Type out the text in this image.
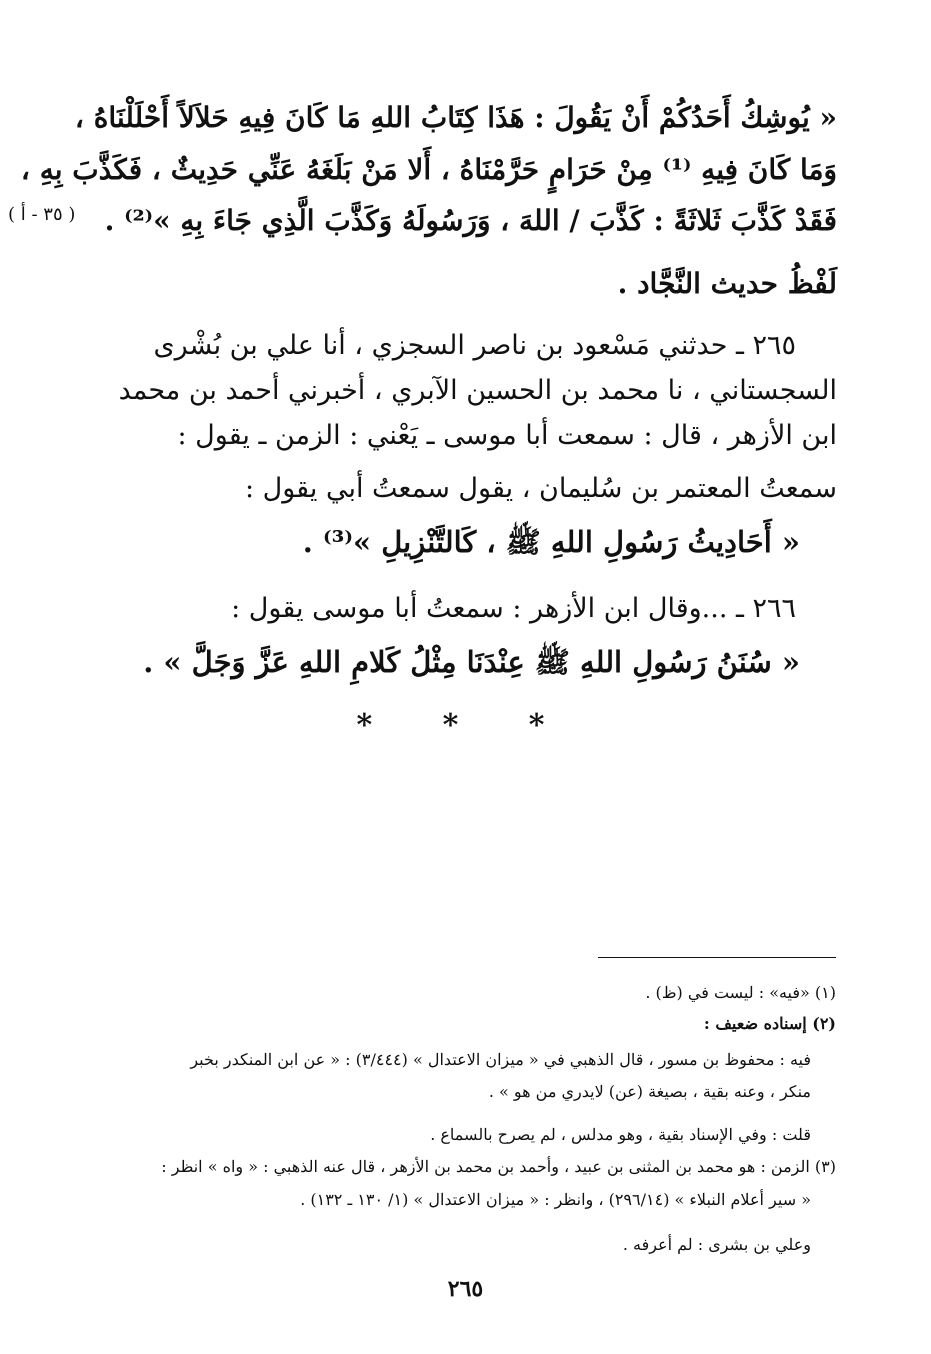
« يُوشِكُ أَحَدُكُمْ أَنْ يَقُولَ : هَذَا كِتَابُ اللهِ مَا كَانَ فِيهِ حَلاَلاً أَحْلَلْنَاهُ ،
وَمَا كَانَ فِيهِ ⁽¹⁾ مِنْ حَرَامٍ حَرَّمْنَاهُ ، أَلا مَنْ بَلَغَهُ عَنِّي حَدِيثٌ ، فَكَذَّبَ بِهِ ،
فَقَدْ كَذَّبَ ثَلاثَةً : كَذَّبَ / اللهَ ، وَرَسُولَهُ وَكَذَّبَ الَّذِي جَاءَ بِهِ »⁽²⁾ .
( ٣٥ - أ )
لَفْظُ حديث النَّجَّاد .
٢٦٥ ـ حدثني مَسْعود بن ناصر السجزي ، أنا علي بن بُشْرى
السجستاني ، نا محمد بن الحسين الآبري ، أخبرني أحمد بن محمد
ابن الأزهر ، قال : سمعت أبا موسى ـ يَعْني : الزمن ـ يقول :
سمعتُ المعتمر بن سُليمان ، يقول سمعتُ أبي يقول :
« أَحَادِيثُ رَسُولِ اللهِ ﷺ ، كَالتَّنْزِيلِ »⁽³⁾ .
٢٦٦ ـ ...وقال ابن الأزهر : سمعتُ أبا موسى يقول :
« سُنَنُ رَسُولِ اللهِ ﷺ عِنْدَنَا مِثْلُ كَلامِ اللهِ عَزَّ وَجَلَّ » .
* * *
(١) «فيه» : ليست في (ظ) .
(٢) إسناده ضعيف :
فيه : محفوظ بن مسور ، قال الذهبي في « ميزان الاعتدال » (٣/٤٤٤) : « عن ابن المنكدر بخبر
منكر ، وعنه بقية ، بصيغة (عن) لايدري من هو » .
قلت : وفي الإسناد بقية ، وهو مدلس ، لم يصرح بالسماع .
(٣) الزمن : هو محمد بن المثنى بن عبيد ، وأحمد بن محمد بن الأزهر ، قال عنه الذهبي : « واه » انظر :
« سير أعلام النبلاء » (٢٩٦/١٤) ، وانظر : « ميزان الاعتدال » (١/ ١٣٠ ـ ١٣٢) .
وعلي بن بشرى : لم أعرفه .
٢٦٥
